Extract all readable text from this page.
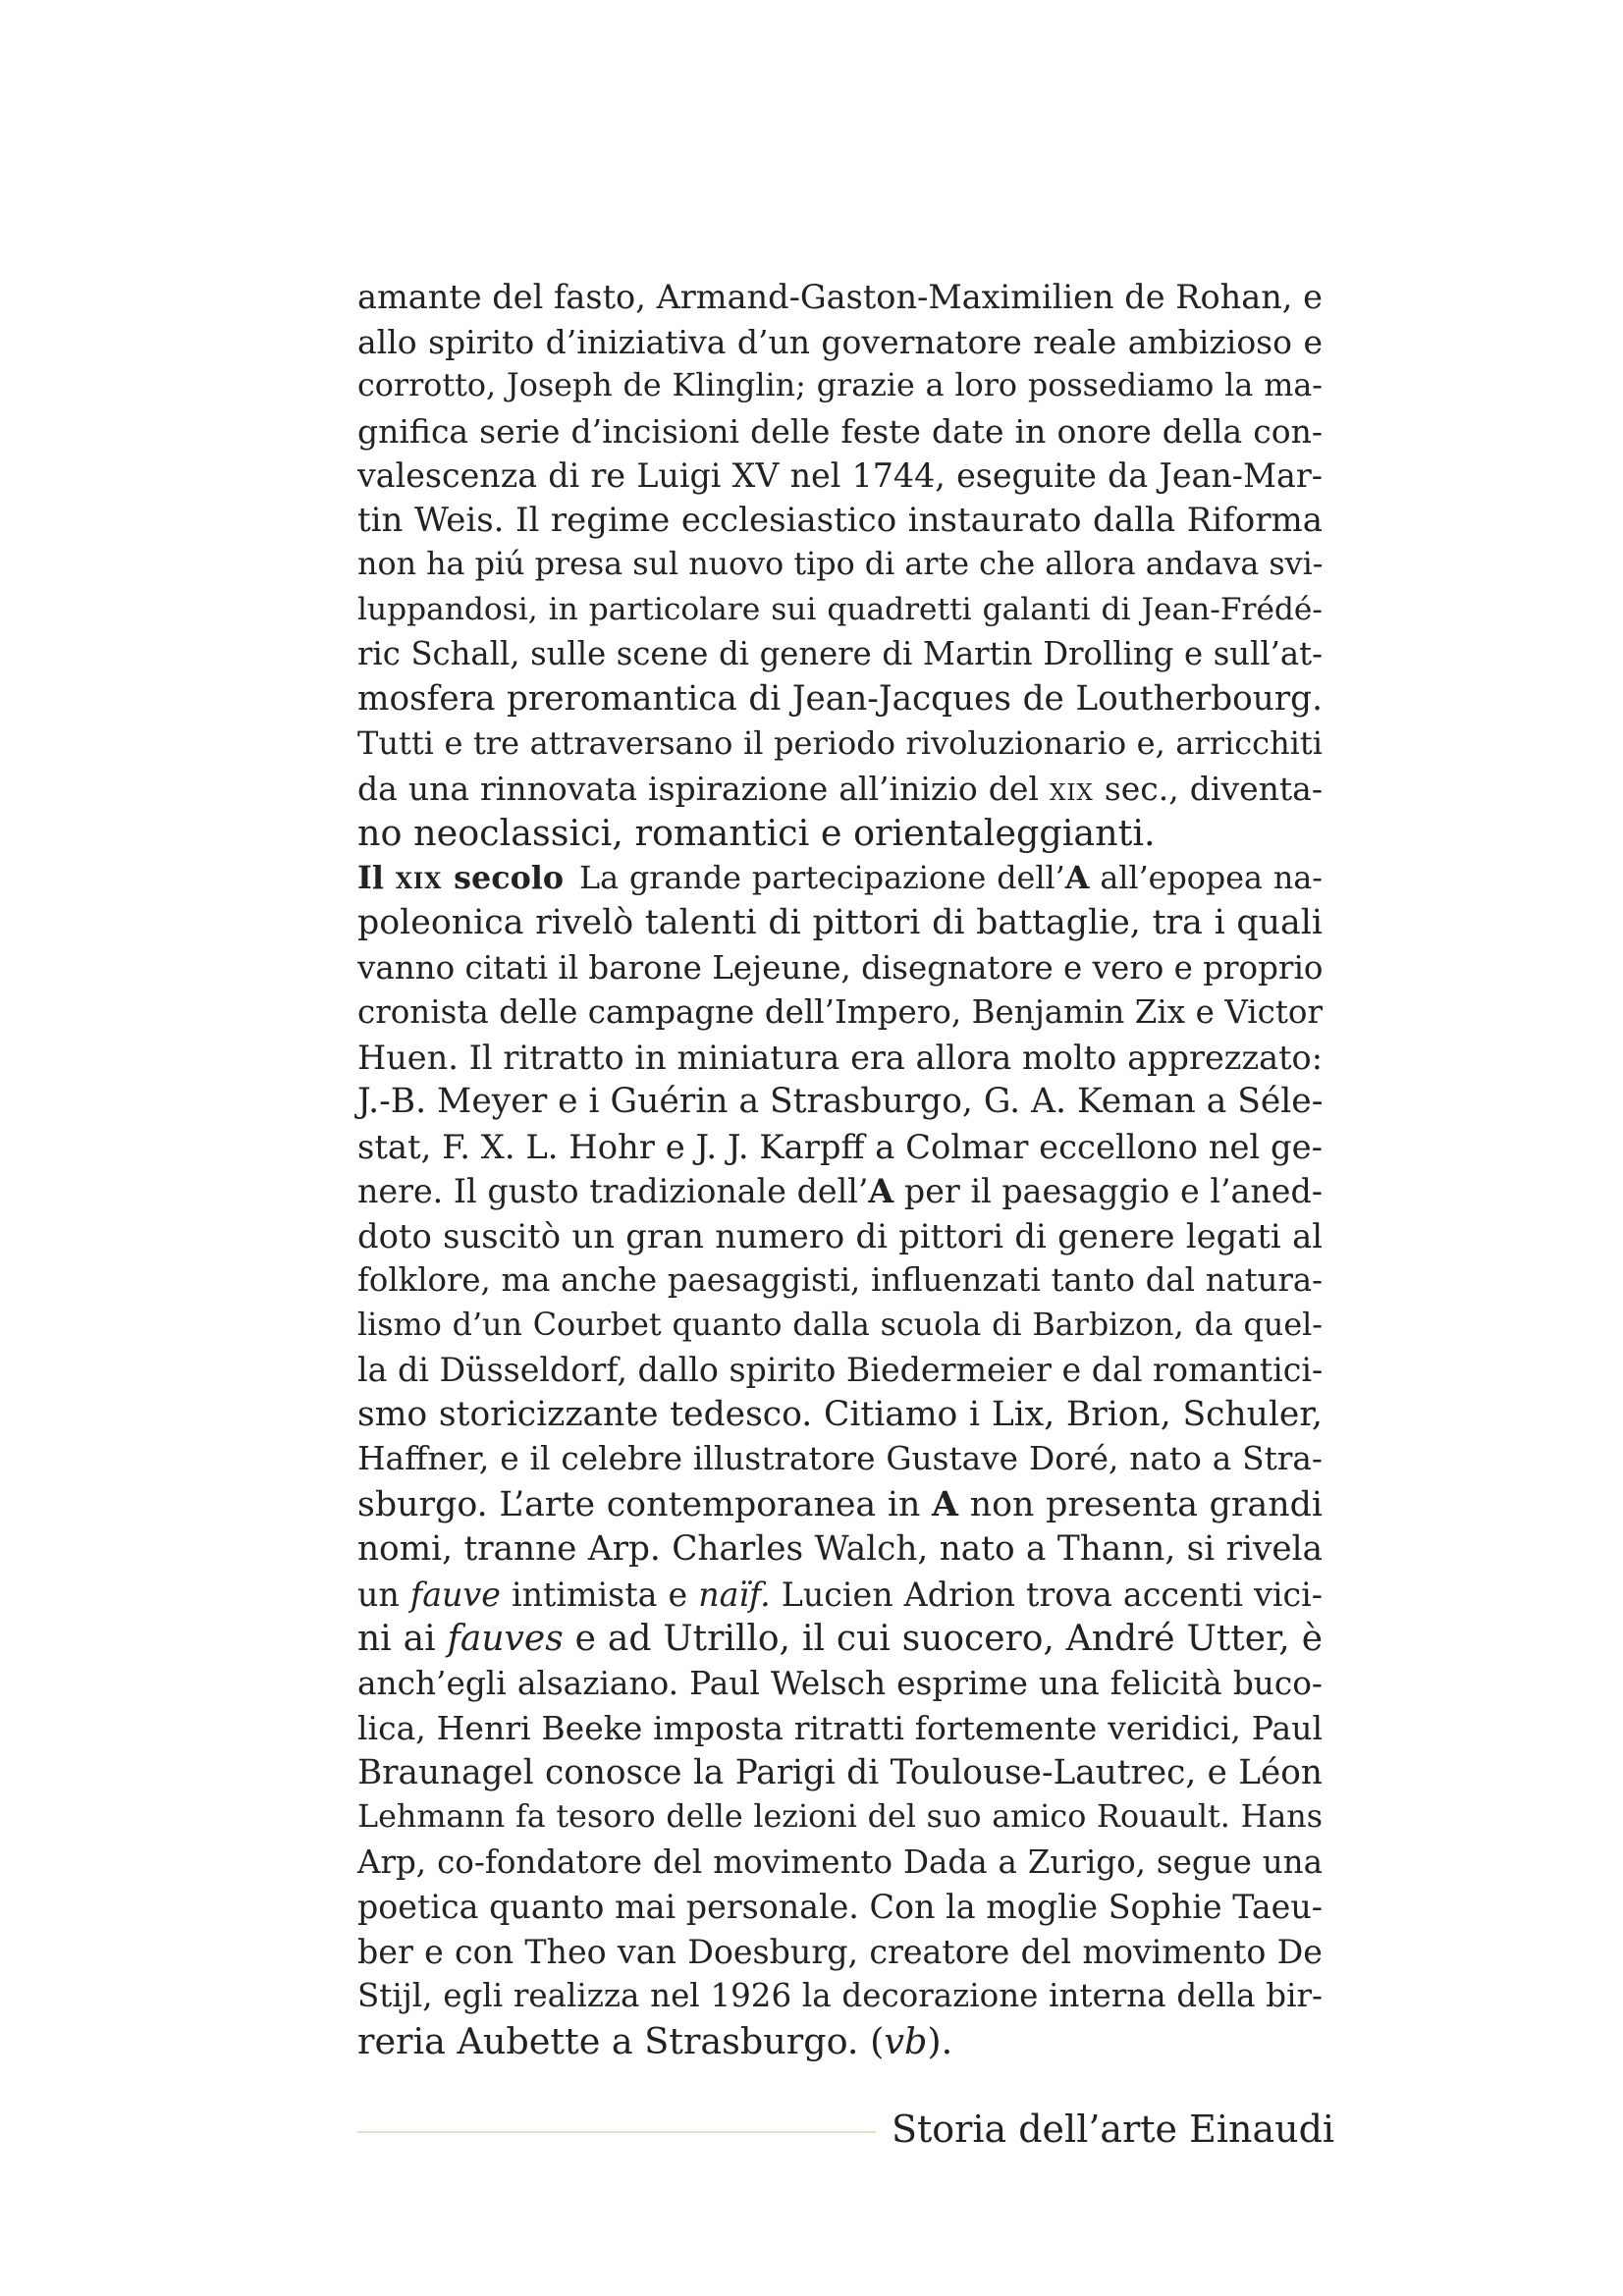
amante del fasto, Armand-Gaston-Maximilien de Rohan, e
allo spirito d’iniziativa d’un governatore reale ambizioso e
corrotto, Joseph de Klinglin; grazie a loro possediamo la ma-
gnifica serie d’incisioni delle feste date in onore della con-
valescenza di re Luigi XV nel 1744, eseguite da Jean-Mar-
tin Weis. Il regime ecclesiastico instaurato dalla Riforma
non ha piú presa sul nuovo tipo di arte che allora andava svi-
luppandosi, in particolare sui quadretti galanti di Jean-Frédé-
ric Schall, sulle scene di genere di Martin Drolling e sull’at-
mosfera preromantica di Jean-Jacques de Loutherbourg.
Tutti e tre attraversano il periodo rivoluzionario e, arricchiti
da una rinnovata ispirazione all’inizio del xix sec., diventa-
no neoclassici, romantici e orientaleggianti.
Il xix secolo La grande partecipazione dell’A all’epopea na-
poleonica rivelò talenti di pittori di battaglie, tra i quali
vanno citati il barone Lejeune, disegnatore e vero e proprio
cronista delle campagne dell’Impero, Benjamin Zix e Victor
Huen. Il ritratto in miniatura era allora molto apprezzato:
J.-B. Meyer e i Guérin a Strasburgo, G. A. Keman a Séle-
stat, F. X. L. Hohr e J. J. Karpff a Colmar eccellono nel ge-
nere. Il gusto tradizionale dell’A per il paesaggio e l’aned-
doto suscitò un gran numero di pittori di genere legati al
folklore, ma anche paesaggisti, influenzati tanto dal natura-
lismo d’un Courbet quanto dalla scuola di Barbizon, da quel-
la di Düsseldorf, dallo spirito Biedermeier e dal romantici-
smo storicizzante tedesco. Citiamo i Lix, Brion, Schuler,
Haffner, e il celebre illustratore Gustave Doré, nato a Stra-
sburgo. L’arte contemporanea in A non presenta grandi
nomi, tranne Arp. Charles Walch, nato a Thann, si rivela
un fauve intimista e naïf. Lucien Adrion trova accenti vici-
ni ai fauves e ad Utrillo, il cui suocero, André Utter, è
anch’egli alsaziano. Paul Welsch esprime una felicità buco-
lica, Henri Beeke imposta ritratti fortemente veridici, Paul
Braunagel conosce la Parigi di Toulouse-Lautrec, e Léon
Lehmann fa tesoro delle lezioni del suo amico Rouault. Hans
Arp, co-fondatore del movimento Dada a Zurigo, segue una
poetica quanto mai personale. Con la moglie Sophie Taeu-
ber e con Theo van Doesburg, creatore del movimento De
Stijl, egli realizza nel 1926 la decorazione interna della bir-
reria Aubette a Strasburgo. (vb).
Storia dell’arte Einaudi
